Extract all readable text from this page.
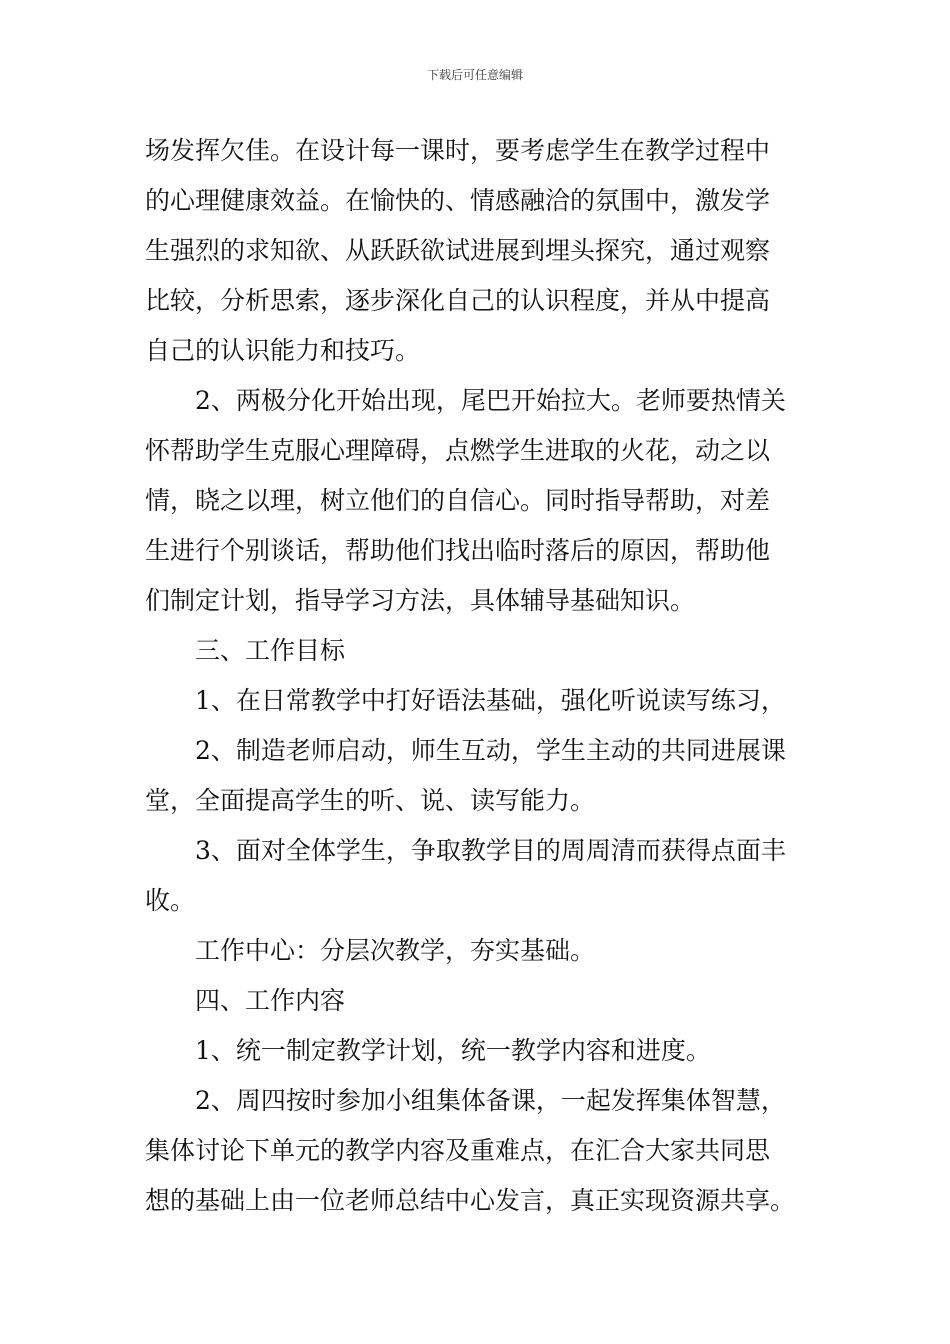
下载后可任意编辑
场发挥欠佳。在设计每一课时，要考虑学生在教学过程中
的心理健康效益。在愉快的、情感融洽的氛围中，激发学
生强烈的求知欲、从跃跃欲试进展到埋头探究，通过观察
比较，分析思索，逐步深化自己的认识程度，并从中提高
自己的认识能力和技巧。
2、两极分化开始出现，尾巴开始拉大。老师要热情关
怀帮助学生克服心理障碍，点燃学生进取的火花，动之以
情，晓之以理，树立他们的自信心。同时指导帮助，对差
生进行个别谈话，帮助他们找出临时落后的原因，帮助他
们制定计划，指导学习方法，具体辅导基础知识。
三、工作目标
1、在日常教学中打好语法基础，强化听说读写练习，
2、制造老师启动，师生互动，学生主动的共同进展课
堂，全面提高学生的听、说、读写能力。
3、面对全体学生，争取教学目的周周清而获得点面丰
收。
工作中心：分层次教学，夯实基础。
四、工作内容
1、统一制定教学计划，统一教学内容和进度。
2、周四按时参加小组集体备课，一起发挥集体智慧，
集体讨论下单元的教学内容及重难点，在汇合大家共同思
想的基础上由一位老师总结中心发言，真正实现资源共享。
